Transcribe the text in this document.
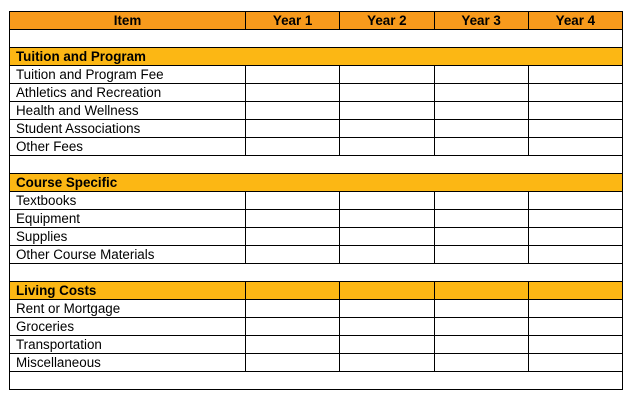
Item	Year 1	Year 2	Year 3	Year 4

Tuition and Program				
Tuition and Program Fee				
Athletics and Recreation				
Health and Wellness				
Student Associations				
Other Fees				

Course Specific				
Textbooks				
Equipment				
Supplies				
Other Course Materials				

Living Costs				
Rent or Mortgage				
Groceries				
Transportation				
Miscellaneous				
